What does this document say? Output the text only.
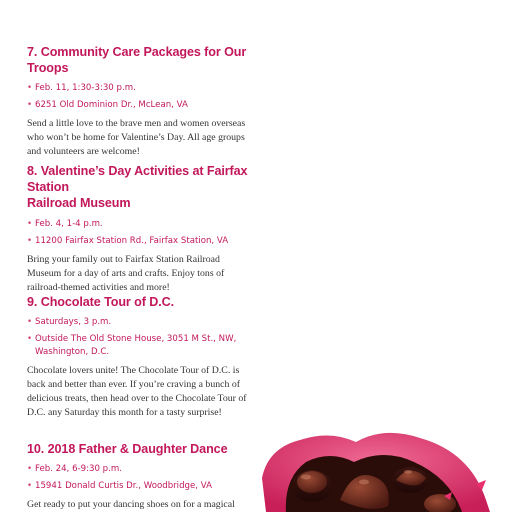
7. Community Care Packages for Our Troops

• Feb. 11, 1:30-3:30 p.m.

• 6251 Old Dominion Dr., McLean, VA

Send a little love to the brave men and women overseas

who won’t be home for Valentine’s Day. All age groups

and volunteers are welcome!

8. Valentine’s Day Activities at Fairfax Station

Railroad Museum

• Feb. 4, 1-4 p.m.

• 11200 Fairfax Station Rd., Fairfax Station, VA

Bring your family out to Fairfax Station Railroad

Museum for a day of arts and crafts. Enjoy tons of

railroad-themed activities and more!

9. Chocolate Tour of D.C.

• Saturdays, 3 p.m.

• Outside The Old Stone House, 3051 M St., NW,

Washington, D.C.

Chocolate lovers unite! The Chocolate Tour of D.C. is

back and better than ever. If you’re craving a bunch of

delicious treats, then head over to the Chocolate Tour of

D.C. any Saturday this month for a tasty surprise!

10. 2018 Father & Daughter Dance

• Feb. 24, 6-9:30 p.m.

• 15941 Donald Curtis Dr., Woodbridge, VA

Get ready to put your dancing shoes on for a magical
